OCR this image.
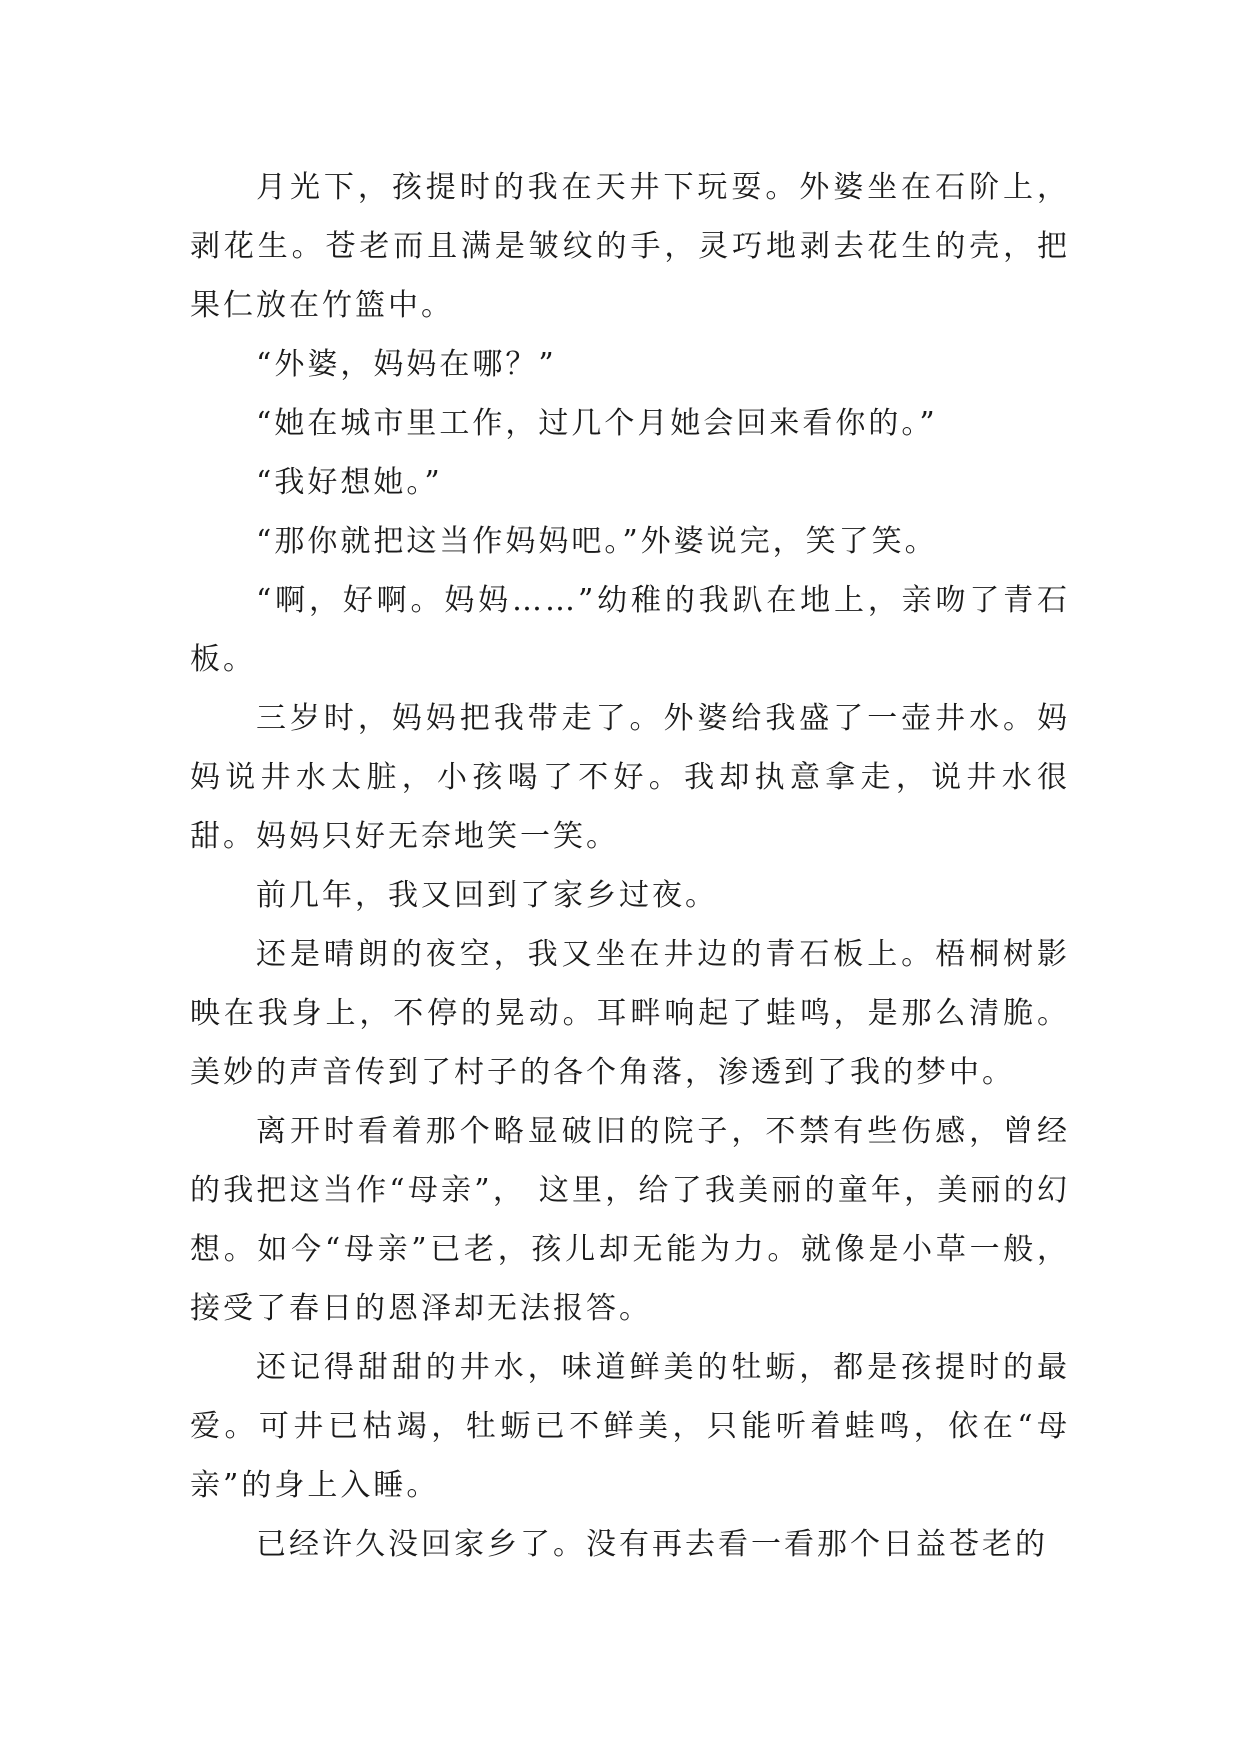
月光下，孩提时的我在天井下玩耍。外婆坐在石阶上，剥花生。苍老而且满是皱纹的手，灵巧地剥去花生的壳，把果仁放在竹篮中。

“外婆，妈妈在哪？”

“她在城市里工作，过几个月她会回来看你的。”

“我好想她。”

“那你就把这当作妈妈吧。”外婆说完，笑了笑。

“啊，好啊。妈妈……”幼稚的我趴在地上，亲吻了青石板。

三岁时，妈妈把我带走了。外婆给我盛了一壶井水。妈妈说井水太脏，小孩喝了不好。我却执意拿走，说井水很甜。妈妈只好无奈地笑一笑。

前几年，我又回到了家乡过夜。

还是晴朗的夜空，我又坐在井边的青石板上。梧桐树影映在我身上，不停的晃动。耳畔响起了蛙鸣，是那么清脆。美妙的声音传到了村子的各个角落，渗透到了我的梦中。

离开时看着那个略显破旧的院子，不禁有些伤感，曾经的我把这当作“母亲”， 这里，给了我美丽的童年，美丽的幻想。如今“母亲”已老，孩儿却无能为力。就像是小草一般，接受了春日的恩泽却无法报答。

还记得甜甜的井水，味道鲜美的牡蛎，都是孩提时的最爱。可井已枯竭，牡蛎已不鲜美，只能听着蛙鸣，依在“母亲”的身上入睡。

已经许久没回家乡了。没有再去看一看那个日益苍老的
